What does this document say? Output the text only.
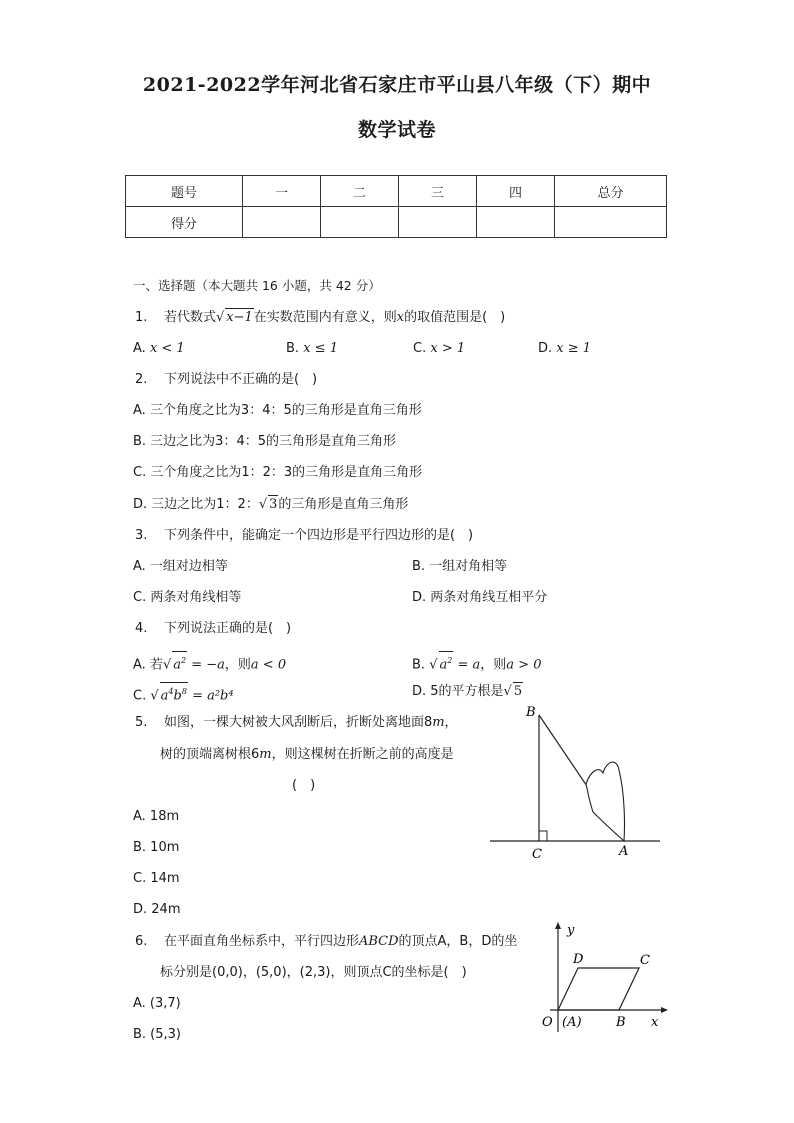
2021-2022学年河北省石家庄市平山县八年级（下）期中
数学试卷
题号	一	二	三	四	总分
得分					
一、选择题（本大题共 16 小题，共 42 分）
1. 若代数式√ x−1在实数范围内有意义，则x的取值范围是(　)
A. x < 1	B. x ≤ 1	C. x > 1	D. x ≥ 1
2. 下列说法中不正确的是(　)
A. 三个角度之比为3：4：5的三角形是直角三角形
B. 三边之比为3：4：5的三角形是直角三角形
C. 三个角度之比为1：2：3的三角形是直角三角形
D. 三边之比为1：2：√ 3的三角形是直角三角形
3. 下列条件中，能确定一个四边形是平行四边形的是(　)
A. 一组对边相等	B. 一组对角相等
C. 两条对角线相等	D. 两条对角线互相平分
4. 下列说法正确的是(　)
A. 若√ $a^2 = -a$，则a < 0	B. √ $a^2 = a$，则a > 0
C. √ $a^4b^8 = a^2b^4$	D. 5的平方根是√ 5
5. 如图，一棵大树被大风刮断后，折断处离地面8m，
树的顶端离树根6m，则这棵树在折断之前的高度是
(　)
A. 18m
B. 10m
C. 14m
D. 24m
B
C	A
6. 在平面直角坐标系中，平行四边形ABCD的顶点A，B，D的坐
标分别是(0,0)，(5,0)，(2,3)，则顶点C的坐标是(　)
A. (3,7)
B. (5,3)
y
x
D	C
O (A)	B
